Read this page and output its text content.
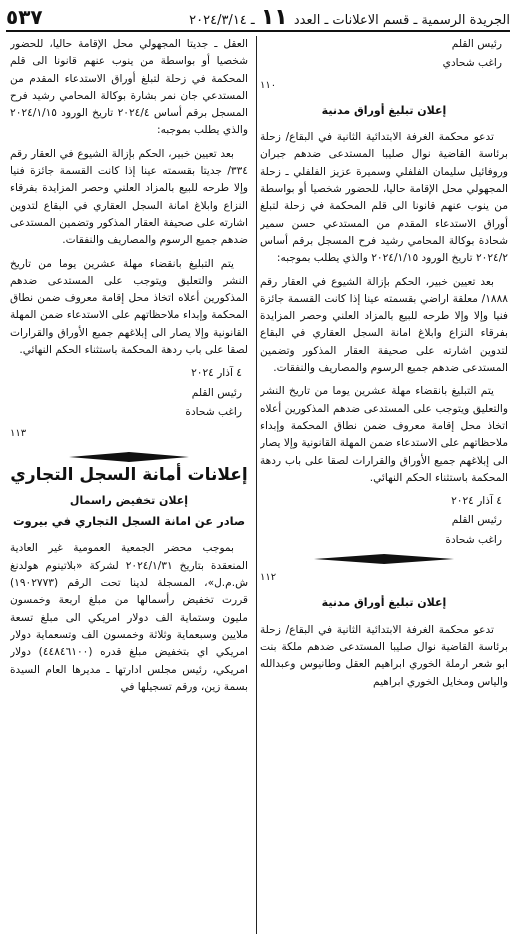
الجريدة الرسمية ـ قسم الاعلانات ـ العدد ١١ ـ ٢٠٢٤/٣/١٤
٥٣٧

رئيس القلم

راغب شحادي

١١٠

إعلان تبليغ أوراق مدنية

تدعو محكمة الغرفة الابتدائية الثانية في البقاع/ زحلة برئاسة القاضية نوال صليبا المستدعى ضدهم جبران وروفائيل سليمان الفلفلي وسميرة عزيز الفلفلي ـ زحلة المجهولي محل الإقامة حاليا، للحضور شخصيا أو بواسطة من ينوب عنهم قانونا الى قلم المحكمة في زحلة لتبلغ أوراق الاستدعاء المقدم من المستدعي حسن سمير شحادة بوكالة المحامي رشيد فرح المسجل برقم أساس ٢٠٢٤/٢ تاريخ الورود ٢٠٢٤/١/١٥ والذي يطلب بموجبه:

بعد تعيين خبير، الحكم بإزالة الشيوع في العقار رقم ١٨٨٨/ معلقة اراضي بقسمته عينا إذا كانت القسمة جائزة فنيا وإلا وإلا طرحه للبيع بالمزاد العلني وحصر المزايدة بفرقاء النزاع وابلاغ امانة السجل العقاري في البقاع لتدوين اشارته على صحيفة العقار المذكور وتضمين المستدعى ضدهم جميع الرسوم والمصاريف والنفقات.

يتم التبليغ بانقضاء مهلة عشرين يوما من تاريخ النشر والتعليق ويتوجب على المستدعى ضدهم المذكورين أعلاه اتخاذ محل إقامة معروف ضمن نطاق المحكمة وإبداء ملاحظاتهم على الاستدعاء ضمن المهلة القانونية وإلا يصار الى إبلاغهم جميع الأوراق والقرارات لصقا على باب ردهة المحكمة باستثناء الحكم النهائي.

٤ آذار ٢٠٢٤

رئيس القلم

راغب شحادة

١١٢

إعلان تبليغ أوراق مدنية

تدعو محكمة الغرفة الابتدائية الثانية في البقاع/ زحلة برئاسة القاضية نوال صليبا المستدعى ضدهم ملكة بنت ابو شعر ارملة الخوري ابراهيم العقل وطانيوس وعبدالله والياس ومخايل الخوري ابراهيم

العقل ـ جديتا المجهولي محل الإقامة حاليا، للحضور شخصيا أو بواسطة من ينوب عنهم قانونا الى قلم المحكمة في زحلة لتبلغ أوراق الاستدعاء المقدم من المستدعي جان نمر بشارة بوكالة المحامي رشيد فرح المسجل برقم أساس ٢٠٢٤/٤ تاريخ الورود ٢٠٢٤/١/١٥ والذي يطلب بموجبه:

بعد تعيين خبير، الحكم بإزالة الشيوع في العقار رقم ٣٣٤/ جديتا بقسمته عينا إذا كانت القسمة جائزة فنيا وإلا طرحه للبيع بالمزاد العلني وحصر المزايدة بفرقاء النزاع وابلاغ امانة السجل العقاري في البقاع لتدوين اشارته على صحيفة العقار المذكور وتضمين المستدعى ضدهم جميع الرسوم والمصاريف والنفقات.

يتم التبليغ بانقضاء مهلة عشرين يوما من تاريخ النشر والتعليق ويتوجب على المستدعى ضدهم المذكورين أعلاه اتخاذ محل إقامة معروف ضمن نطاق المحكمة وإبداء ملاحظاتهم على الاستدعاء ضمن المهلة القانونية وإلا يصار الى إبلاغهم جميع الأوراق والقرارات لصقا على باب ردهة المحكمة باستثناء الحكم النهائي.

٤ آذار ٢٠٢٤

رئيس القلم

راغب شحادة

١١٣

إعلانات أمانة السجل التجاري

إعلان تخفيض راسمال

صادر عن امانة السجل التجاري في بيروت

بموجب محضر الجمعية العمومية غير العادية المنعقدة بتاريخ ٢٠٢٤/١/٣١ لشركة «بلاتينوم هولدنغ ش.م.ل»، المسجلة لدينا تحت الرقم (١٩٠٢٧٧٣) قررت تخفيض رأسمالها من مبلغ اربعة وخمسون مليون وستماية الف دولار امريكي الى مبلغ تسعة ملايين وسبعماية وثلاثة وخمسون الف وتسعماية دولار امريكي اي بتخفيض مبلغ قدره (٤٤٨٤٦١٠٠) دولار امريكي، رئيس مجلس ادارتها ـ مديرها العام السيدة بسمة زين، ورقم تسجيلها في
